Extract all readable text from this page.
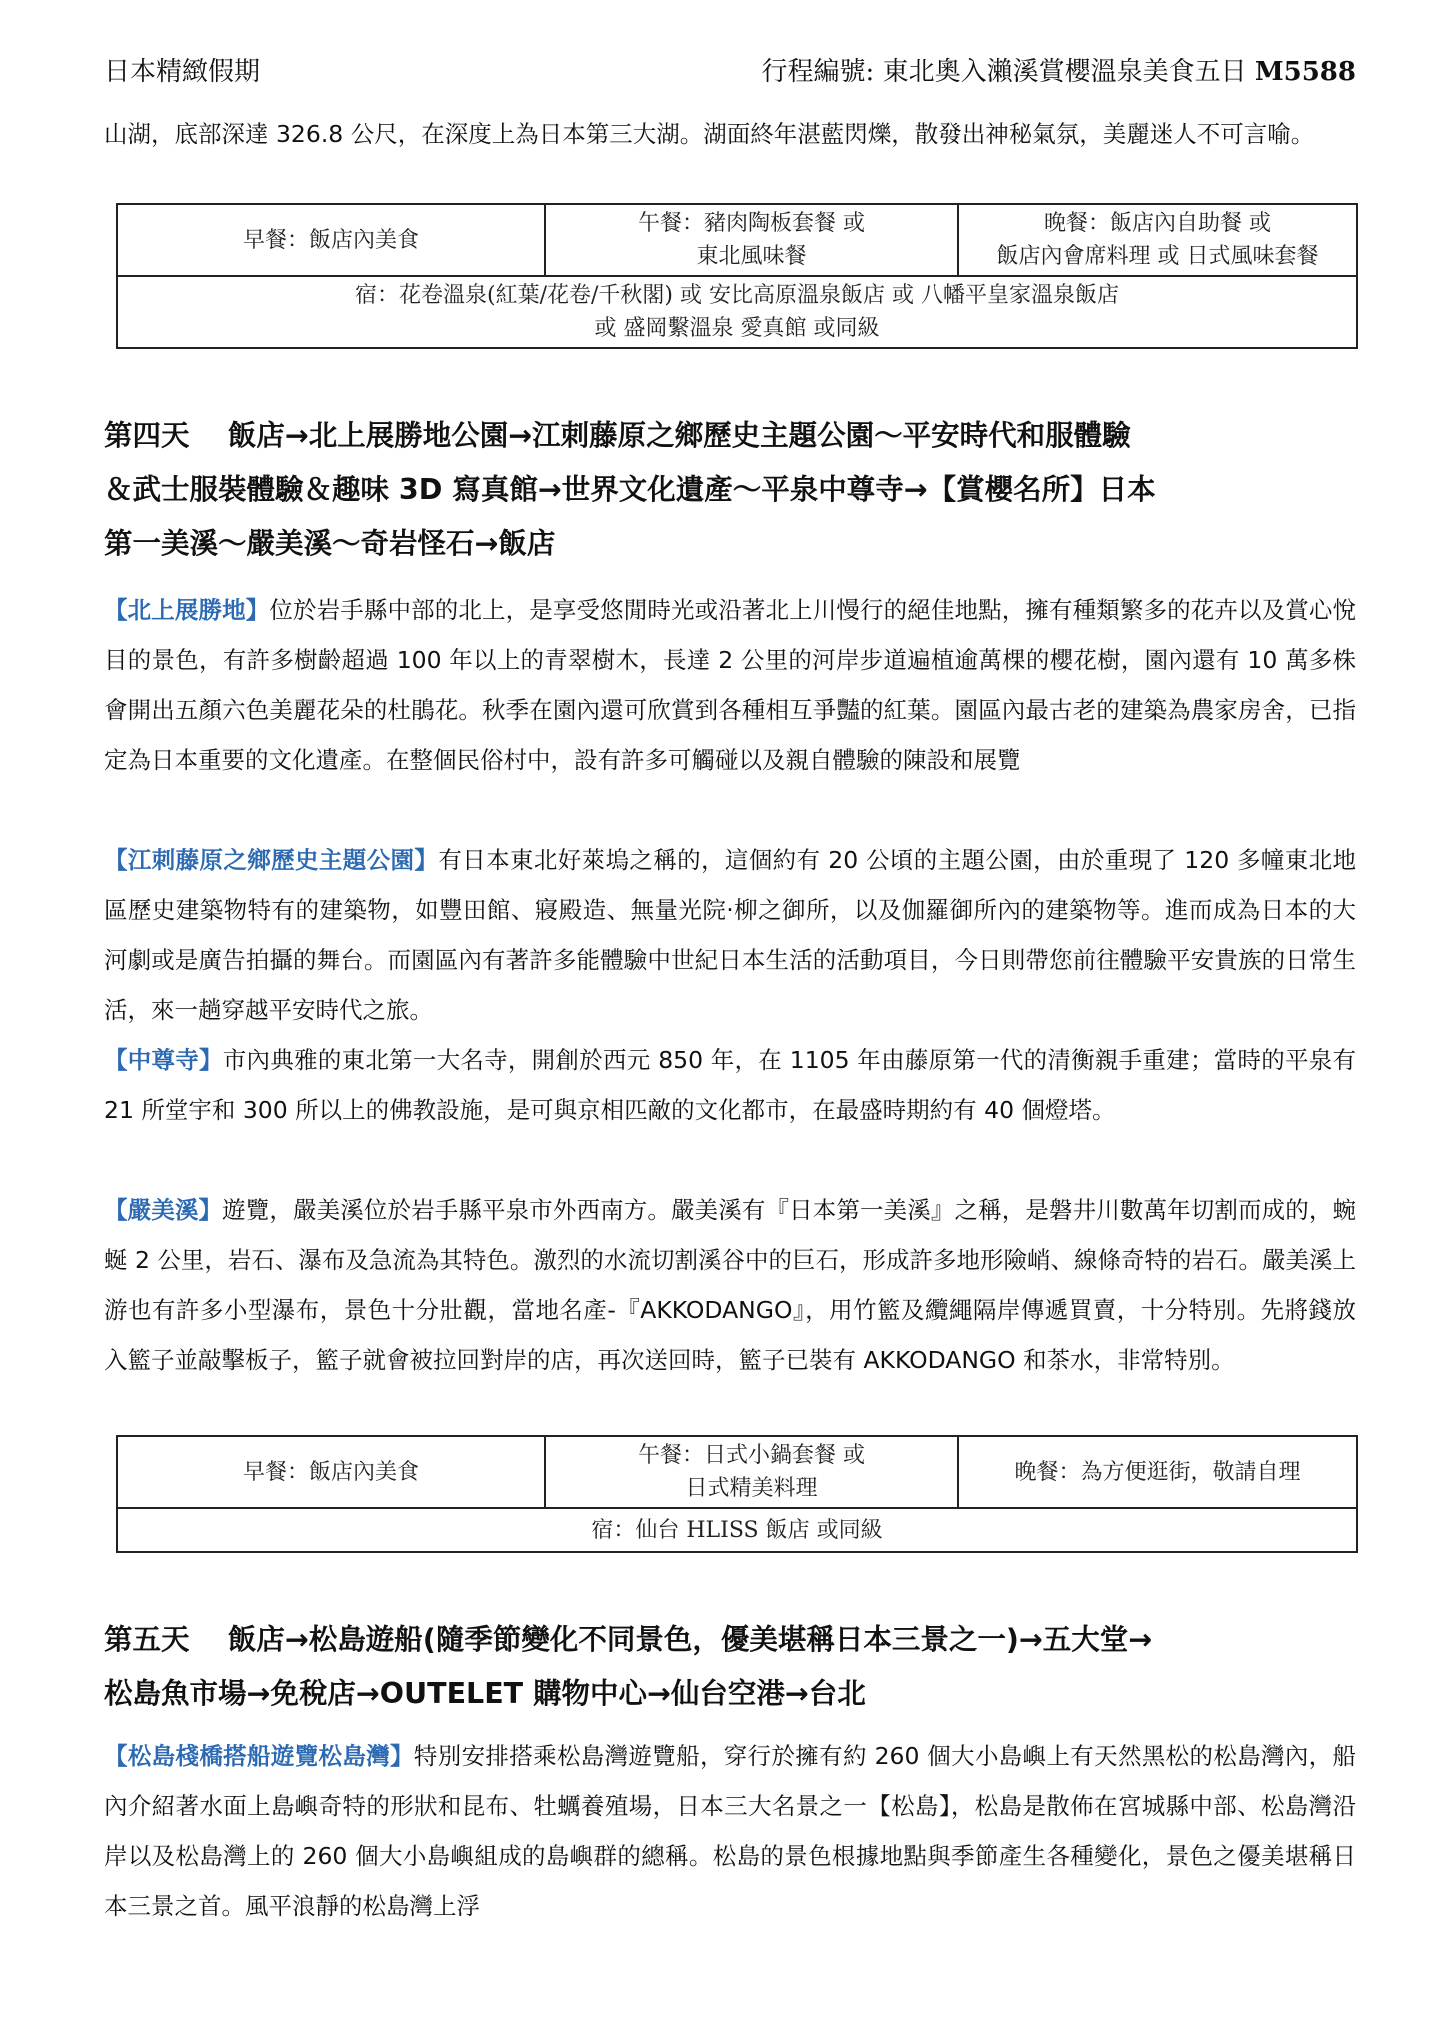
日本精緻假期	行程編號: 東北奧入瀨溪賞櫻溫泉美食五日 M5588

山湖，底部深達 326.8 公尺，在深度上為日本第三大湖。湖面終年湛藍閃爍，散發出神秘氣氛，美麗迷人不可言喻。

早餐：飯店內美食	
午餐：豬肉陶板套餐 或
東北風味餐

晚餐：飯店內自助餐 或
飯店內會席料理 或 日式風味套餐

宿：花卷溫泉(紅葉/花卷/千秋閣) 或 安比高原溫泉飯店 或 八幡平皇家溫泉飯店
或 盛岡繫溫泉 愛真館 或同級
第四天　 飯店→北上展勝地公園→江刺藤原之鄉歷史主題公園～平安時代和服體驗
＆武士服裝體驗＆趣味 3D 寫真館→世界文化遺產～平泉中尊寺→【賞櫻名所】日本
第一美溪～嚴美溪～奇岩怪石→飯店

【北上展勝地】位於岩手縣中部的北上，是享受悠閒時光或沿著北上川慢行的絕佳地點，擁有種類繁多的花卉以及賞心悅目的景色，有許多樹齡超過 100 年以上的青翠樹木，長達 2 公里的河岸步道遍植逾萬棵的櫻花樹，園內還有 10 萬多株會開出五顏六色美麗花朵的杜鵑花。秋季在園內還可欣賞到各種相互爭豔的紅葉。園區內最古老的建築為農家房舍，已指定為日本重要的文化遺產。在整個民俗村中，設有許多可觸碰以及親自體驗的陳設和展覽

【江刺藤原之鄉歷史主題公園】有日本東北好萊塢之稱的，這個約有 20 公頃的主題公園，由於重現了 120 多幢東北地區歷史建築物特有的建築物，如豐田館、寢殿造、無量光院‧柳之御所，以及伽羅御所內的建築物等。進而成為日本的大河劇或是廣告拍攝的舞台。而園區內有著許多能體驗中世紀日本生活的活動項目，今日則帶您前往體驗平安貴族的日常生活，來一趟穿越平安時代之旅。

【中尊寺】市內典雅的東北第一大名寺，開創於西元 850 年，在 1105 年由藤原第一代的清衡親手重建；當時的平泉有 21 所堂宇和 300 所以上的佛教設施，是可與京相匹敵的文化都市，在最盛時期約有 40 個燈塔。

【嚴美溪】遊覽，嚴美溪位於岩手縣平泉市外西南方。嚴美溪有『日本第一美溪』之稱，是磐井川數萬年切割而成的，蜿蜒 2 公里，岩石、瀑布及急流為其特色。激烈的水流切割溪谷中的巨石，形成許多地形險峭、線條奇特的岩石。嚴美溪上游也有許多小型瀑布，景色十分壯觀，當地名產-『AKKODANGO』，用竹籃及纜繩隔岸傳遞買賣，十分特別。先將錢放入籃子並敲擊板子，籃子就會被拉回對岸的店，再次送回時，籃子已裝有 AKKODANGO 和茶水，非常特別。

早餐：飯店內美食	
午餐：日式小鍋套餐 或
日式精美料理
	晚餐：為方便逛街，敬請自理
宿：仙台 HLISS 飯店 或同級
第五天　 飯店→松島遊船(隨季節變化不同景色，優美堪稱日本三景之一)→五大堂→
松島魚市場→免稅店→OUTELET 購物中心→仙台空港→台北

【松島棧橋搭船遊覽松島灣】特別安排搭乘松島灣遊覽船，穿行於擁有約 260 個大小島嶼上有天然黑松的松島灣內，船內介紹著水面上島嶼奇特的形狀和昆布、牡蠣養殖場，日本三大名景之一【松島】，松島是散佈在宮城縣中部、松島灣沿岸以及松島灣上的 260 個大小島嶼組成的島嶼群的總稱。松島的景色根據地點與季節產生各種變化，景色之優美堪稱日本三景之首。風平浪靜的松島灣上浮
